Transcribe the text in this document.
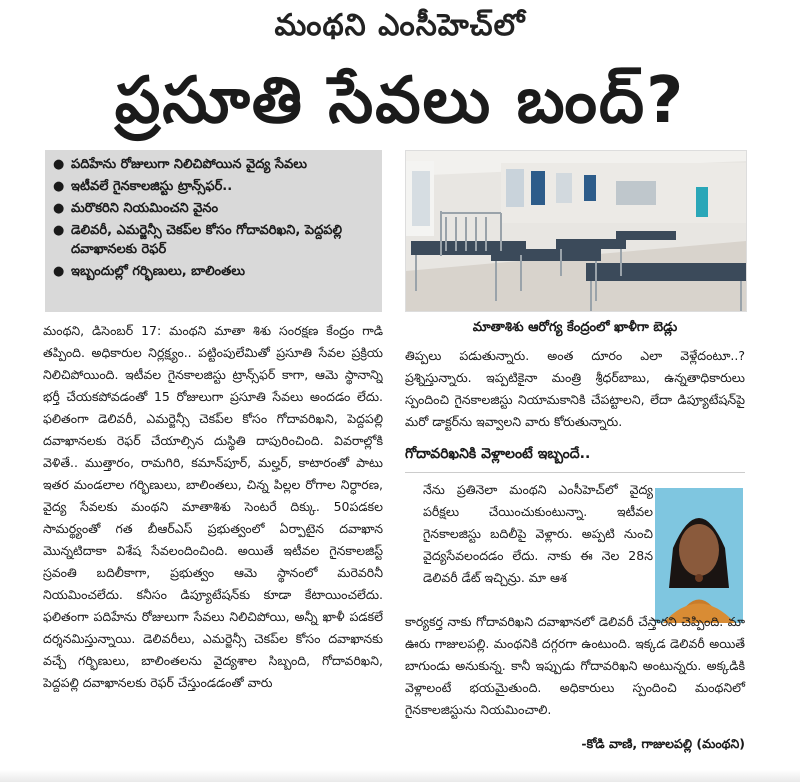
మంథని ఎంసీహెచ్‌లో
ప్రసూతి సేవలు బంద్‌?
● పదిహేను రోజులుగా నిలిచిపోయిన వైద్య సేవలు
● ఇటీవలే గైనకాలజిస్టు ట్రాన్స్‌ఫర్‌..
● మరొకరిని నియమించని వైనం
● డెలివరీ, ఎమర్జెన్సీ చెకప్‌ల కోసం గోదావరిఖని, పెద్దపల్లి దవాఖానలకు రెఫర్‌
● ఇబ్బందుల్లో గర్భిణులు, బాలింతలు
మాతాశిశు ఆరోగ్య కేంద్రంలో ఖాళీగా బెడ్లు
మంథని, డిసెంబర్‌ 17: మంథని మాతా శిశు సంరక్షణ కేంద్రం గాడి తప్పింది. అధికారుల నిర్లక్ష్యం.. పట్టింపులేమితో ప్రసూతి సేవల ప్రక్రియ నిలిచిపోయింది. ఇటీవల గైనకాలజిస్టు ట్రాన్స్‌ఫర్‌ కాగా, ఆమె స్థానాన్ని భర్తీ చేయకపోవడంతో 15 రోజులుగా ప్రసూతి సేవలు అందడం లేదు. ఫలితంగా డెలివరీ, ఎమర్జెన్సీ చెకప్‌ల కోసం గోదావరిఖని, పెద్దపల్లి దవాఖానలకు రెఫర్‌ చేయాల్సిన దుస్థితి దాపురించింది. వివరాల్లోకి వెళితే.. ముత్తారం, రామగిరి, కమాన్‌పూర్‌, మల్హర్‌, కాటారంతో పాటు ఇతర మండలాల గర్భిణులు, బాలింతలు, చిన్న పిల్లల రోగాల నిర్ధారణ, వైద్య సేవలకు మంథని మాతాశిశు సెంటరే దిక్కు. 50పడకల సామర్థ్యంతో గత బీఆర్‌ఎస్‌ ప్రభుత్వంలో ఏర్పాటైన దవాఖాన మొన్నటిదాకా విశేష సేవలందించింది. అయితే ఇటీవల గైనకాలజిస్ట్‌ స్రవంతి బదిలీకాగా, ప్రభుత్వం ఆమె స్థానంలో మరెవరినీ నియమించలేదు. కనీసం డిప్యూటేషన్‌కు కూడా కేటాయించలేదు. ఫలితంగా పదిహేను రోజులుగా సేవలు నిలిచిపోయి, అన్నీ ఖాళీ పడకలే దర్శనమిస్తున్నాయి. డెలివరీలు, ఎమర్జెన్సీ చెకప్‌ల కోసం దవాఖానకు వచ్చే గర్భిణులు, బాలింతలను వైద్యశాల సిబ్బంది, గోదావరిఖని, పెద్దపల్లి దవాఖానలకు రెఫర్‌ చేస్తుండడంతో వారు
తిప్పలు పడుతున్నారు. అంత దూరం ఎలా వెళ్లేదంటూ..? ప్రశ్నిస్తున్నారు. ఇప్పటికైనా మంత్రి శ్రీధర్‌బాబు, ఉన్నతాధికారులు స్పందించి గైనకాలజిస్టు నియామకానికి చేపట్టాలని, లేదా డిప్యూటేషన్‌పై మరో డాక్టర్‌ను ఇవ్వాలని వారు కోరుతున్నారు.
గోదావరిఖనికి వెళ్లాలంటే ఇబ్బందే..
నేను ప్రతినెలా మంథని ఎంసీహెచ్‌లో వైద్య పరీక్షలు చేయించుకుంటున్నా. ఇటీవల గైనకాలజిస్టు బదిలీపై వెళ్లారు. అప్పటి నుంచి వైద్యసేవలందడం లేదు. నాకు ఈ నెల 28న డెలివరీ డేట్‌ ఇచ్చిన్రు. మా ఆశ
కార్యకర్త నాకు గోదావరిఖని దవాఖానలో డెలివరీ చేస్తారని చెప్పింది. మా ఊరు గాజులపల్లి. మంథనికి దగ్గరగా ఉంటుంది. ఇక్కడ డెలివరీ అయితే బాగుండు అనుకున్న. కానీ ఇప్పుడు గోదావరిఖని అంటున్నరు. అక్కడికి వెళ్లాలంటే భయమైతుంది. అధికారులు స్పందించి మంథనిలో గైనకాలజిస్టును నియమించాలి.
-కోడి వాణి, గాజులపల్లి (మంథని)
